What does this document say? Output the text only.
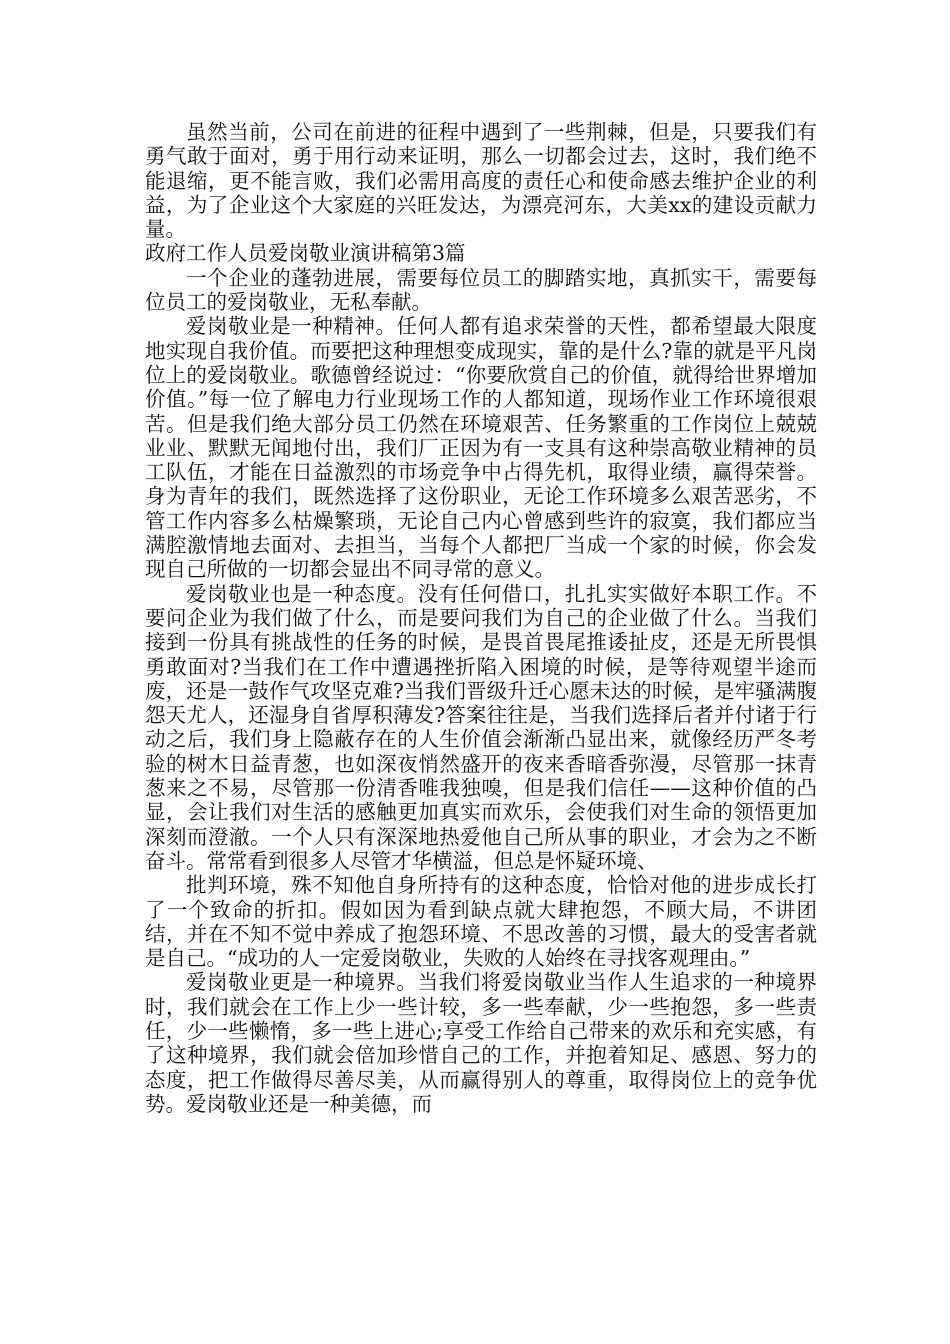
虽然当前，公司在前进的征程中遇到了一些荆棘，但是，只要我们有勇气敢于面对，勇于用行动来证明，那么一切都会过去，这时，我们绝不能退缩，更不能言败，我们必需用高度的责任心和使命感去维护企业的利益，为了企业这个大家庭的兴旺发达，为漂亮河东，大美xx的建设贡献力量。

政府工作人员爱岗敬业演讲稿第3篇

一个企业的蓬勃进展，需要每位员工的脚踏实地，真抓实干，需要每位员工的爱岗敬业，无私奉献。

爱岗敬业是一种精神。任何人都有追求荣誉的天性，都希望最大限度地实现自我价值。而要把这种理想变成现实，靠的是什么?靠的就是平凡岗位上的爱岗敬业。歌德曾经说过：“你要欣赏自己的价值，就得给世界增加价值。”每一位了解电力行业现场工作的人都知道，现场作业工作环境很艰苦。但是我们绝大部分员工仍然在环境艰苦、任务繁重的工作岗位上兢兢业业、默默无闻地付出，我们厂正因为有一支具有这种崇高敬业精神的员工队伍，才能在日益激烈的市场竞争中占得先机，取得业绩，赢得荣誉。身为青年的我们，既然选择了这份职业，无论工作环境多么艰苦恶劣，不管工作内容多么枯燥繁琐，无论自己内心曾感到些许的寂寞，我们都应当满腔激情地去面对、去担当，当每个人都把厂当成一个家的时候，你会发现自己所做的一切都会显出不同寻常的意义。

爱岗敬业也是一种态度。没有任何借口，扎扎实实做好本职工作。不要问企业为我们做了什么，而是要问我们为自己的企业做了什么。当我们接到一份具有挑战性的任务的时候，是畏首畏尾推诿扯皮，还是无所畏惧勇敢面对?当我们在工作中遭遇挫折陷入困境的时候，是等待观望半途而废，还是一鼓作气攻坚克难?当我们晋级升迁心愿未达的时候，是牢骚满腹怨天尤人，还湿身自省厚积薄发?答案往往是，当我们选择后者并付诸于行动之后，我们身上隐蔽存在的人生价值会渐渐凸显出来，就像经历严冬考验的树木日益青葱，也如深夜悄然盛开的夜来香暗香弥漫，尽管那一抹青葱来之不易，尽管那一份清香唯我独嗅，但是我们信任——这种价值的凸显，会让我们对生活的感触更加真实而欢乐，会使我们对生命的领悟更加深刻而澄澈。一个人只有深深地热爱他自己所从事的职业，才会为之不断奋斗。常常看到很多人尽管才华横溢，但总是怀疑环境、

批判环境，殊不知他自身所持有的这种态度，恰恰对他的进步成长打了一个致命的折扣。假如因为看到缺点就大肆抱怨，不顾大局，不讲团结，并在不知不觉中养成了抱怨环境、不思改善的习惯，最大的受害者就是自己。“成功的人一定爱岗敬业，失败的人始终在寻找客观理由。”

爱岗敬业更是一种境界。当我们将爱岗敬业当作人生追求的一种境界时，我们就会在工作上少一些计较，多一些奉献，少一些抱怨，多一些责任，少一些懒惰，多一些上进心;享受工作给自己带来的欢乐和充实感，有了这种境界，我们就会倍加珍惜自己的工作，并抱着知足、感恩、努力的态度，把工作做得尽善尽美，从而赢得别人的尊重，取得岗位上的竞争优势。爱岗敬业还是一种美德，而
